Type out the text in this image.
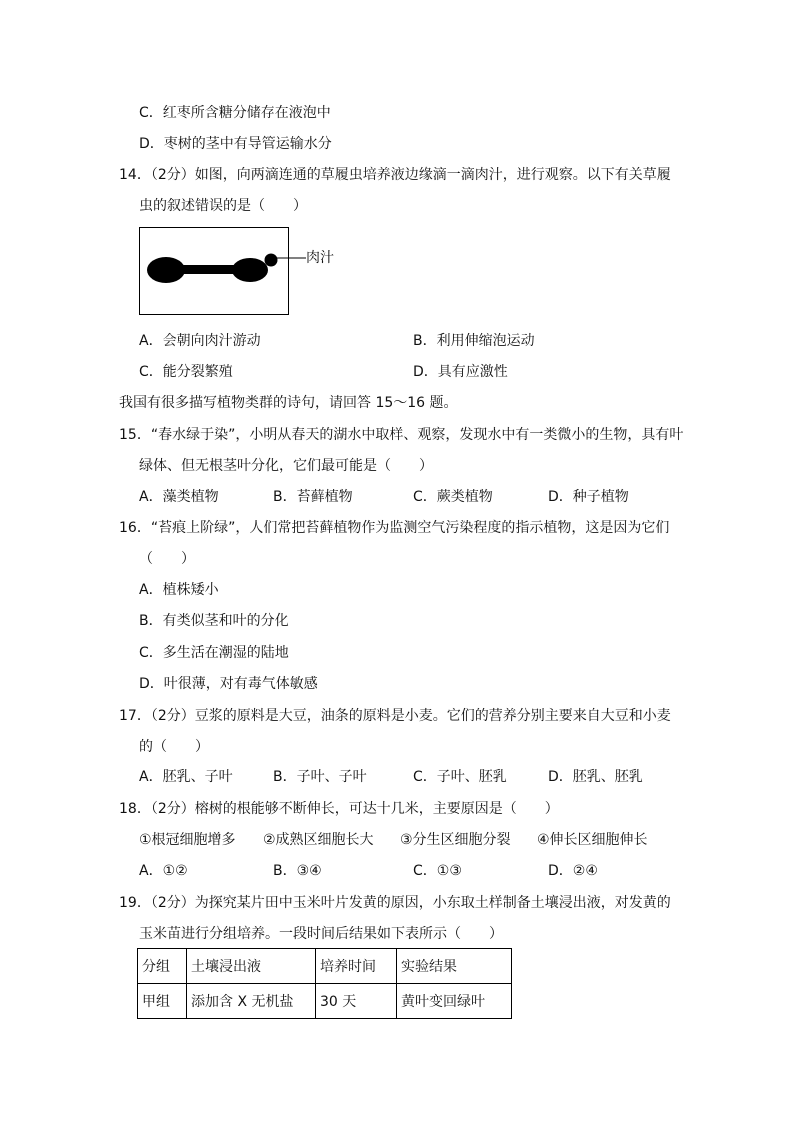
C．红枣所含糖分储存在液泡中
D．枣树的茎中有导管运输水分
14．（2分）如图，向两滴连通的草履虫培养液边缘滴一滴肉汁，进行观察。以下有关草履
虫的叙述错误的是（　　）
肉汁
A．会朝向肉汁游动	B．利用伸缩泡运动
C．能分裂繁殖	D．具有应激性
我国有很多描写植物类群的诗句，请回答 15～16 题。
15．“春水绿于染”，小明从春天的湖水中取样、观察，发现水中有一类微小的生物，具有叶
绿体、但无根茎叶分化，它们最可能是（　　）
A．藻类植物	B．苔藓植物	C．蕨类植物	D．种子植物
16．“苔痕上阶绿”，人们常把苔藓植物作为监测空气污染程度的指示植物，这是因为它们
（　　）
A．植株矮小
B．有类似茎和叶的分化
C．多生活在潮湿的陆地
D．叶很薄，对有毒气体敏感
17．（2分）豆浆的原料是大豆，油条的原料是小麦。它们的营养分别主要来自大豆和小麦
的（　　）
A．胚乳、子叶	B．子叶、子叶	C．子叶、胚乳	D．胚乳、胚乳
18．（2分）榕树的根能够不断伸长，可达十几米，主要原因是（　　）
①根冠细胞增多 ②成熟区细胞长大 ③分生区细胞分裂 ④伸长区细胞伸长
A．①②	B．③④	C．①③	D．②④
19．（2分）为探究某片田中玉米叶片发黄的原因，小东取土样制备土壤浸出液，对发黄的
玉米苗进行分组培养。一段时间后结果如下表所示（　　）
分组	土壤浸出液	培养时间	实验结果
甲组	添加含 X 无机盐	30 天	黄叶变回绿叶
